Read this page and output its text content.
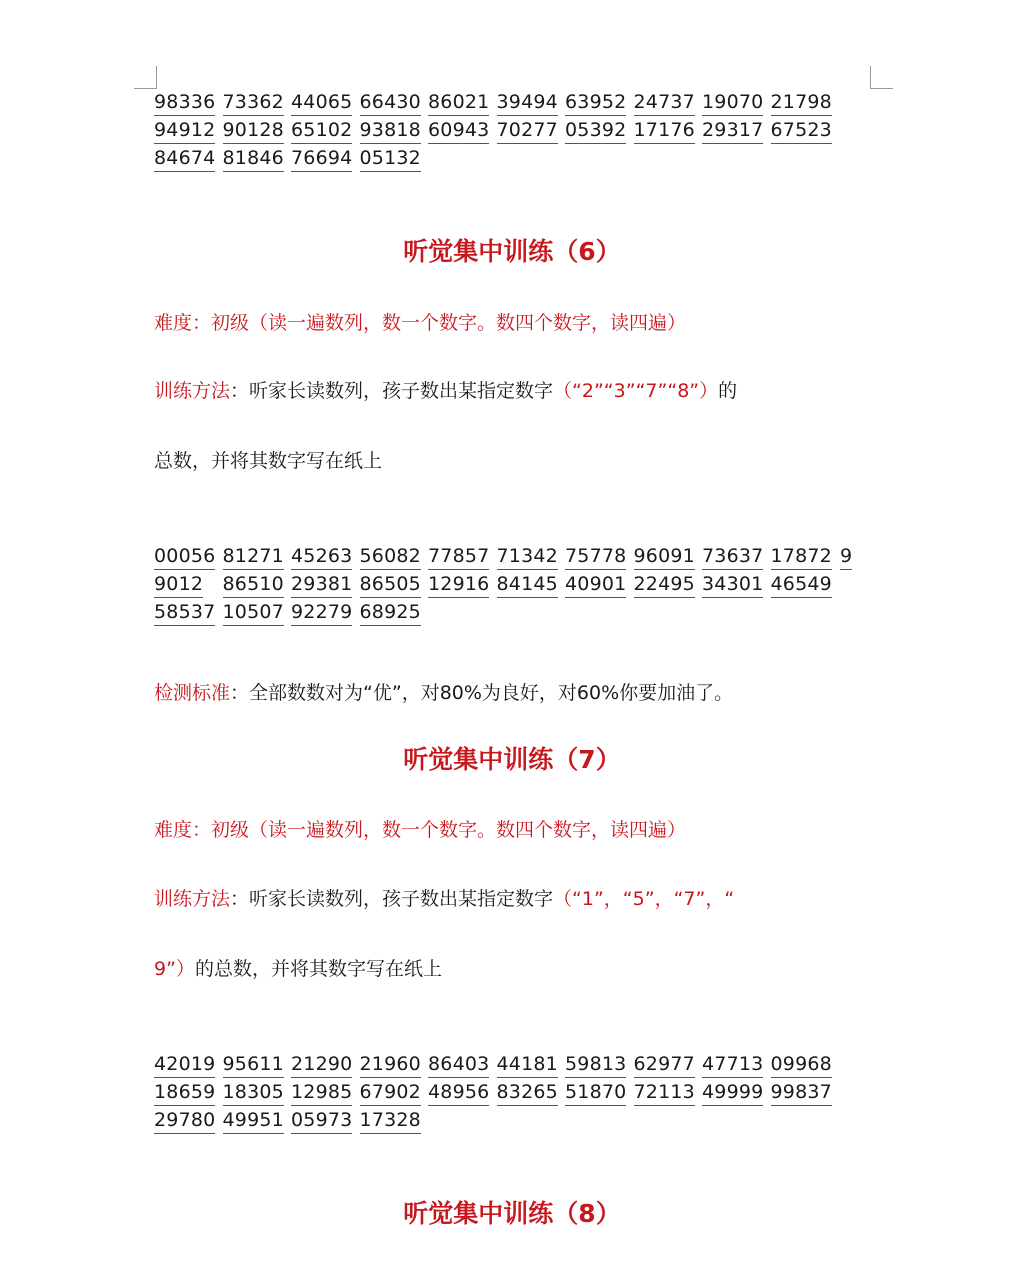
98336 73362 44065 66430 86021 39494 63952 24737 19070 21798
94912 90128 65102 93818 60943 70277 05392 17176 29317 67523
84674 81846 76694 05132
听觉集中训练（6）
难度：初级（读一遍数列，数一个数字。数四个数字，读四遍）
训练方法：听家长读数列，孩子数出某指定数字（“2”“3”“7”“8”）的
总数，并将其数字写在纸上
00056 81271 45263 56082 77857 71342 75778 96091 73637 17872 9
9012 86510 29381 86505 12916 84145 40901 22495 34301 46549
58537 10507 92279 68925
检测标准：全部数数对为“优”，对80%为良好，对60%你要加油了。
听觉集中训练（7）
难度：初级（读一遍数列，数一个数字。数四个数字，读四遍）
训练方法：听家长读数列，孩子数出某指定数字（“1”，“5”，“7”，“
9”）的总数，并将其数字写在纸上
42019 95611 21290 21960 86403 44181 59813 62977 47713 09968
18659 18305 12985 67902 48956 83265 51870 72113 49999 99837
29780 49951 05973 17328
听觉集中训练（8）
